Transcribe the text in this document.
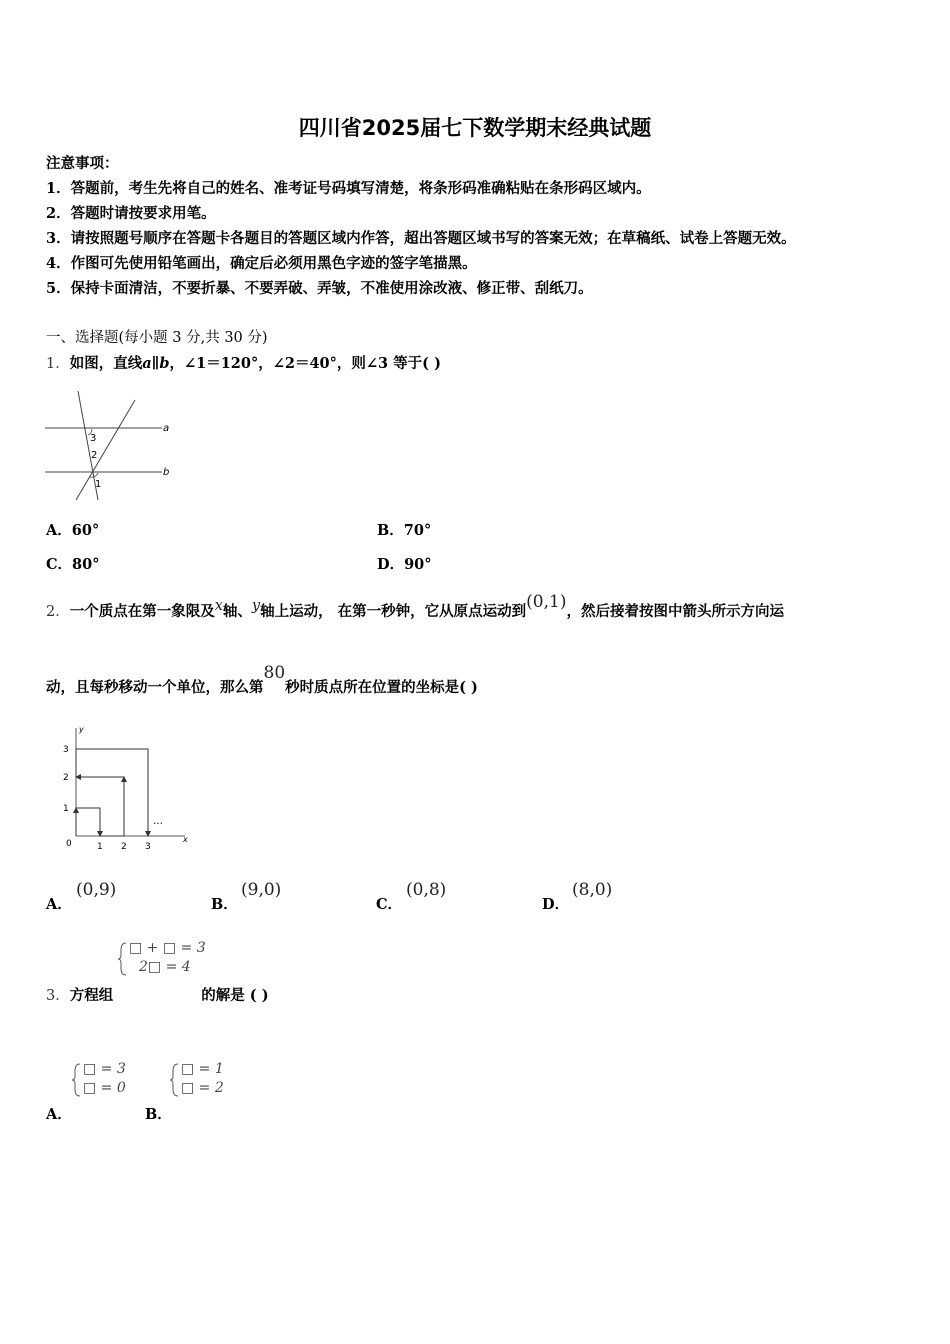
四川省2025届七下数学期末经典试题
注意事项：
1．答题前，考生先将自己的姓名、准考证号码填写清楚，将条形码准确粘贴在条形码区域内。
2．答题时请按要求用笔。
3．请按照题号顺序在答题卡各题目的答题区域内作答，超出答题区域书写的答案无效；在草稿纸、试卷上答题无效。
4．作图可先使用铅笔画出，确定后必须用黑色字迹的签字笔描黑。
5．保持卡面清洁，不要折暴、不要弄破、弄皱，不准使用涂改液、修正带、刮纸刀。
一、选择题(每小题 3 分,共 30 分)
1．如图，直线a∥b，∠1＝120°，∠2＝40°，则∠3 等于( )
a
b
3
2
1
A．60°	B．70°
C．80°	D．90°
2．一个质点在第一象限及x轴、y轴上运动， 在第一秒钟，它从原点运动到(0,1)，然后接着按图中箭头所示方向运
动，且每秒移动一个单位，那么第80秒时质点所在位置的坐标是( )
y
x
0	1 2 3
1
2
3
…
A．
(0,9)
B．
(9,0)
C．
(0,8)
D．
(8,0)
□ + □ = 3
2□ = 4
3．方程组	的解是 ( )
□ = 3
□ = 0
A．
□ = 1
□ = 2
B．
